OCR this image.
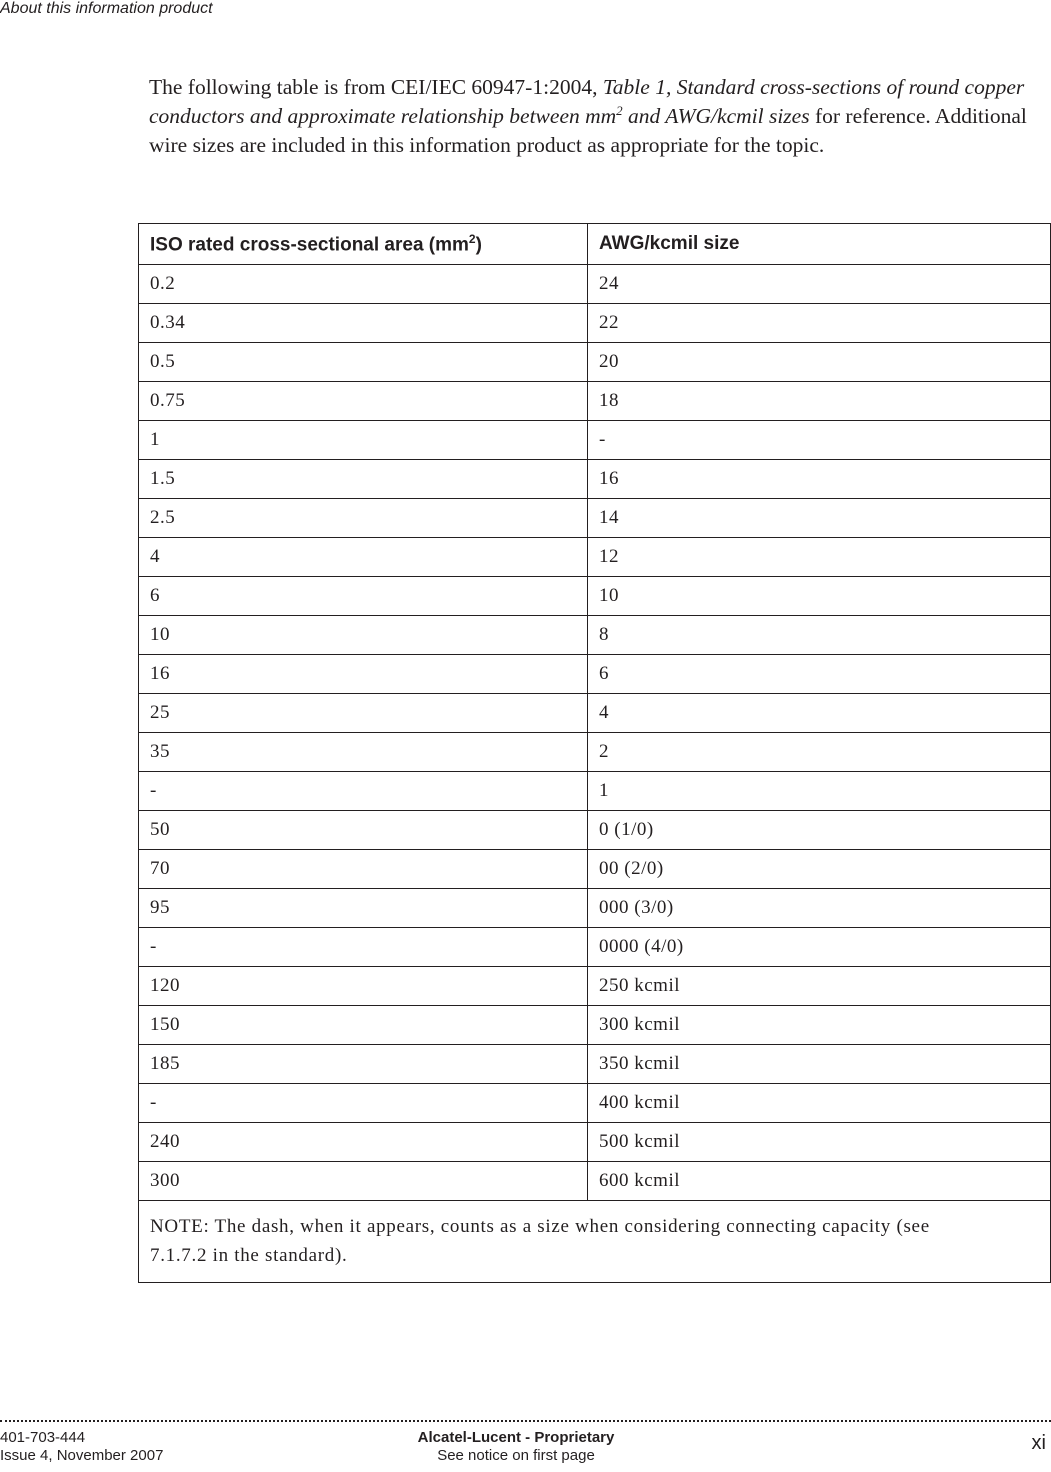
About this information product

The following table is from CEI/IEC 60947-1:2004, Table 1, Standard cross-sections of round copper conductors and approximate relationship between $mm^2$ and AWG/kcmil sizes for reference. Additional wire sizes are included in this information product as appropriate for the topic.

ISO rated cross-sectional area $(mm^2)$	AWG/kcmil size
0.2	24
0.34	22
0.5	20
0.75	18
1	-
1.5	16
2.5	14
4	12
6	10
10	8
16	6
25	4
35	2
-	1
50	0 (1/0)
70	00 (2/0)
95	000 (3/0)
-	0000 (4/0)
120	250 kcmil
150	300 kcmil
185	350 kcmil
-	400 kcmil
240	500 kcmil
300	600 kcmil
NOTE: The dash, when it appears, counts as a size when considering connecting capacity (see 7.1.7.2 in the standard).	
401-703-444
Issue 4, November 2007
Alcatel-Lucent - Proprietary
See notice on first page
xi
